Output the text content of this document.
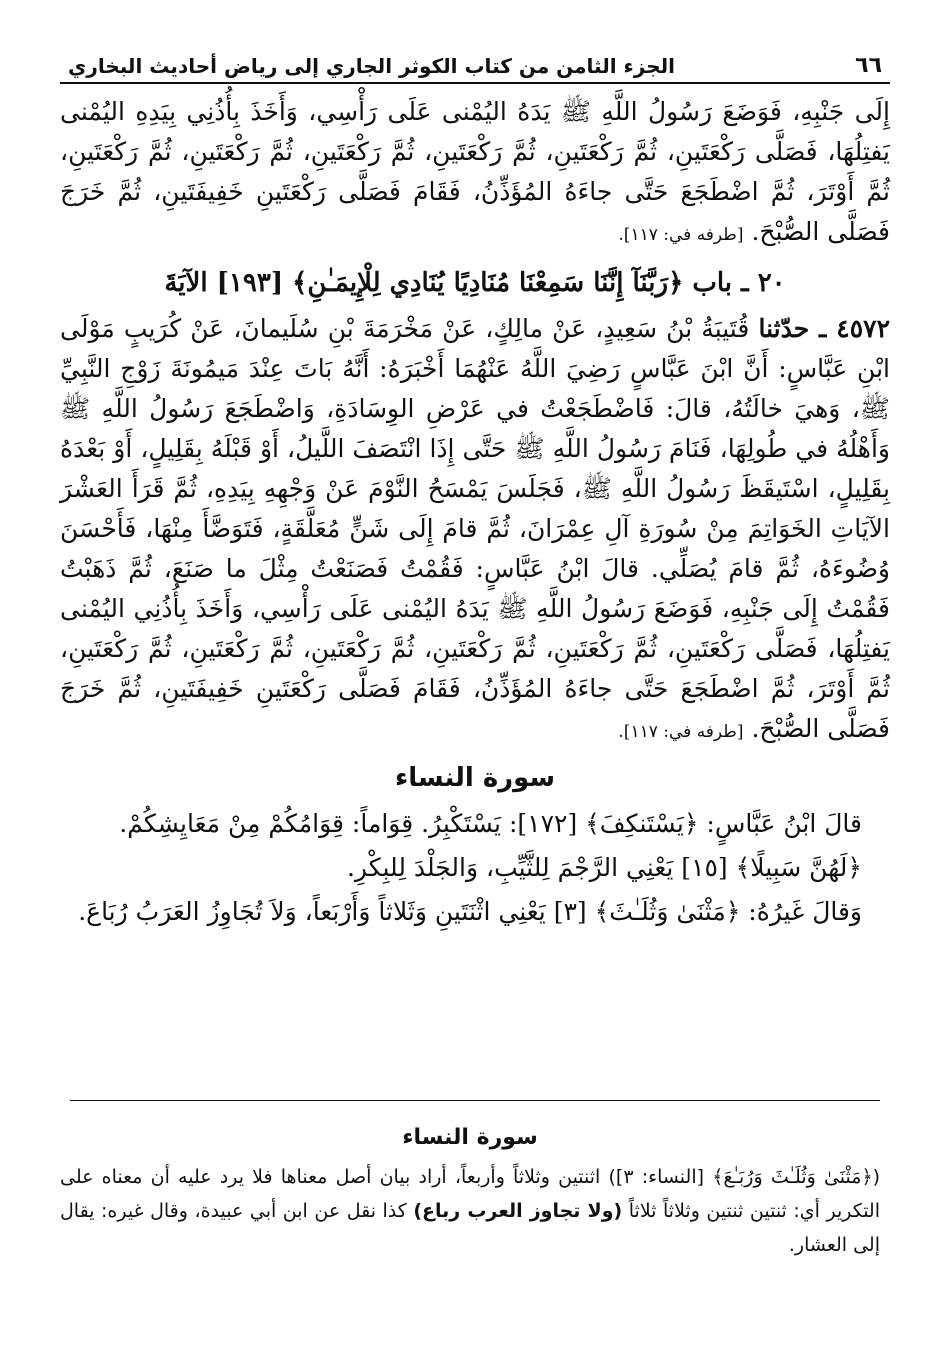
٦٦
الجزء الثامن من كتاب الكوثر الجاري إلى رياض أحاديث البخاري

إِلَى جَنْبِهِ، فَوَضَعَ رَسُولُ اللَّهِ ﷺ يَدَهُ اليُمْنى عَلَى رَأْسِي، وَأَخَذَ بِأُذُنِي بِيَدِهِ اليُمْنى يَفتِلُهَا، فَصَلَّى رَكْعَتَينِ، ثُمَّ رَكْعَتَينِ، ثُمَّ رَكْعَتَينِ، ثُمَّ رَكْعَتَينِ، ثُمَّ رَكْعَتَينِ، ثُمَّ رَكْعَتَينِ، ثُمَّ أَوْتَرَ، ثُمَّ اضْطَجَعَ حَتَّى جاءَهُ المُؤَذِّنُ، فَقَامَ فَصَلَّى رَكْعَتَينِ خَفِيفَتَينِ، ثُمَّ خَرَجَ فَصَلَّى الصُّبْحَ. [طرفه في: ١١٧].

٢٠ ـ باب ﴿رَبَّنَآ إِنَّنَا سَمِعْنَا مُنَادِيًا يُنَادِي لِلْإِيمَـٰنِ﴾ [١٩٣] الآيَةَ

٤٥٧٢ ـ حدّثنا قُتَيبَةُ بْنُ سَعِيدٍ، عَنْ مالِكٍ، عَنْ مَخْرَمَةَ بْنِ سُلَيمانَ، عَنْ كُرَيبٍ مَوْلَى ابْنِ عَبَّاسٍ: أَنَّ ابْنَ عَبَّاسٍ رَضِيَ اللَّهُ عَنْهُمَا أَخْبَرَهُ: أَنَّهُ بَاتَ عِنْدَ مَيمُونَةَ زَوْجِ النَّبِيِّ ﷺ، وَهيَ خالَتُهُ، قالَ: فَاضْطَجَعْتُ في عَرْضِ الوِسَادَةِ، وَاضْطَجَعَ رَسُولُ اللَّهِ ﷺ وَأَهْلُهُ في طُولِهَا، فَنَامَ رَسُولُ اللَّهِ ﷺ حَتَّى إِذَا انْتَصَفَ اللَّيلُ، أَوْ قَبْلَهُ بِقَلِيلٍ، أَوْ بَعْدَهُ بِقَلِيلٍ، اسْتَيقَظَ رَسُولُ اللَّهِ ﷺ، فَجَلَسَ يَمْسَحُ النَّوْمَ عَنْ وَجْهِهِ بِيَدِهِ، ثُمَّ قَرَأَ العَشْرَ الآيَاتِ الخَوَاتِمَ مِنْ سُورَةِ آلِ عِمْرَانَ، ثُمَّ قامَ إِلَى شَنٍّ مُعَلَّقَةٍ، فَتَوَضَّأَ مِنْهَا، فَأَحْسَنَ وُضُوءَهُ، ثُمَّ قامَ يُصَلِّي. قالَ ابْنُ عَبَّاسٍ: فَقُمْتُ فَصَنَعْتُ مِثْلَ ما صَنَعَ، ثُمَّ ذَهَبْتُ فَقُمْتُ إِلَى جَنْبِهِ، فَوَضَعَ رَسُولُ اللَّهِ ﷺ يَدَهُ اليُمْنى عَلَى رَأْسِي، وَأَخَذَ بِأُذُنِي اليُمْنى يَفتِلُهَا، فَصَلَّى رَكْعَتَينِ، ثُمَّ رَكْعَتَينِ، ثُمَّ رَكْعَتَينِ، ثُمَّ رَكْعَتَينِ، ثُمَّ رَكْعَتَينِ، ثُمَّ رَكْعَتَينِ، ثُمَّ أَوْتَرَ، ثُمَّ اضْطَجَعَ حَتَّى جاءَهُ المُؤَذِّنُ، فَقَامَ فَصَلَّى رَكْعَتَينِ خَفِيفَتَينِ، ثُمَّ خَرَجَ فَصَلَّى الصُّبْحَ. [طرفه في: ١١٧].

سورة النساء
قالَ ابْنُ عَبَّاسٍ: ﴿يَسْتَنكِفَ﴾ [١٧٢]: يَسْتَكْبِرُ. قِوَاماً: قِوَامُكُمْ مِنْ مَعَايِشِكُمْ.
﴿لَهُنَّ سَبِيلًا﴾ [١٥] يَعْنِي الرَّجْمَ لِلثَّيِّبِ، وَالجَلْدَ لِلبِكْرِ.
وَقالَ غَيرُهُ: ﴿مَثْنَىٰ وَثُلَـٰثَ﴾ [٣] يَعْنِي اثْنَتَينِ وَثَلاثاً وَأَرْبَعاً، وَلاَ تُجَاوِزُ العَرَبُ رُبَاعَ.
سورة النساء
(﴿مَثْنَىٰ وَثُلَـٰثَ وَرُبَـٰعَ﴾ [النساء: ٣]) اثنتين وثلاثاً وأربعاً، أراد بيان أصل معناها فلا يرد عليه أن معناه على التكرير أي: ثنتين ثنتين وثلاثاً ثلاثاً (ولا تجاوز العرب رباع) كذا نقل عن ابن أبي عبيدة، وقال غيره: يقال إلى العشار.
